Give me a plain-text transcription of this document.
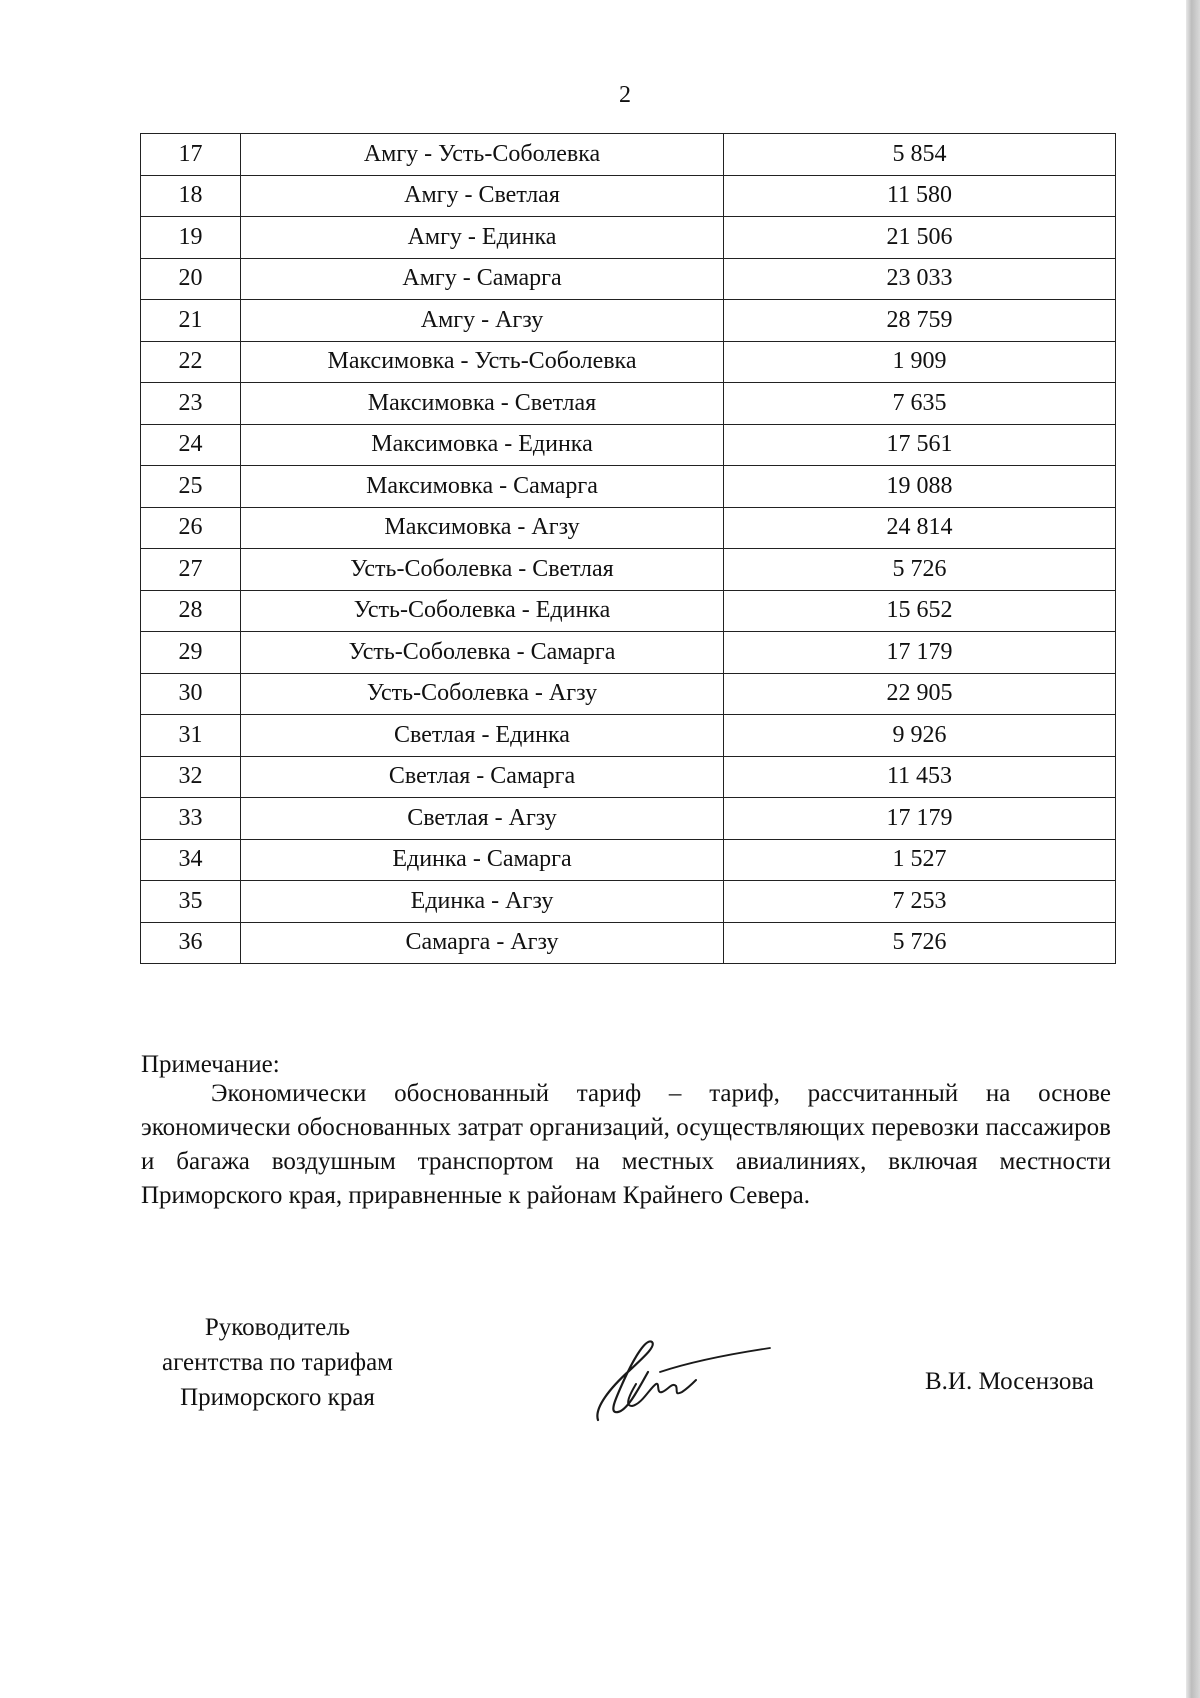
2
17	Амгу - Усть-Соболевка	5 854
18	Амгу - Светлая	11 580
19	Амгу - Единка	21 506
20	Амгу - Самарга	23 033
21	Амгу - Агзу	28 759
22	Максимовка - Усть-Соболевка	1 909
23	Максимовка - Светлая	7 635
24	Максимовка - Единка	17 561
25	Максимовка - Самарга	19 088
26	Максимовка - Агзу	24 814
27	Усть-Соболевка - Светлая	5 726
28	Усть-Соболевка - Единка	15 652
29	Усть-Соболевка - Самарга	17 179
30	Усть-Соболевка - Агзу	22 905
31	Светлая - Единка	9 926
32	Светлая - Самарга	11 453
33	Светлая - Агзу	17 179
34	Единка - Самарга	1 527
35	Единка - Агзу	7 253
36	Самарга - Агзу	5 726
Примечание:
Экономически обоснованный тариф – тариф, рассчитанный на основе экономически обоснованных затрат организаций, осуществляющих перевозки пассажиров и багажа воздушным транспортом на местных авиалиниях, включая местности Приморского края, приравненные к районам Крайнего Севера.
Руководитель
агентства по тарифам
Приморского края
В.И. Мосензова
